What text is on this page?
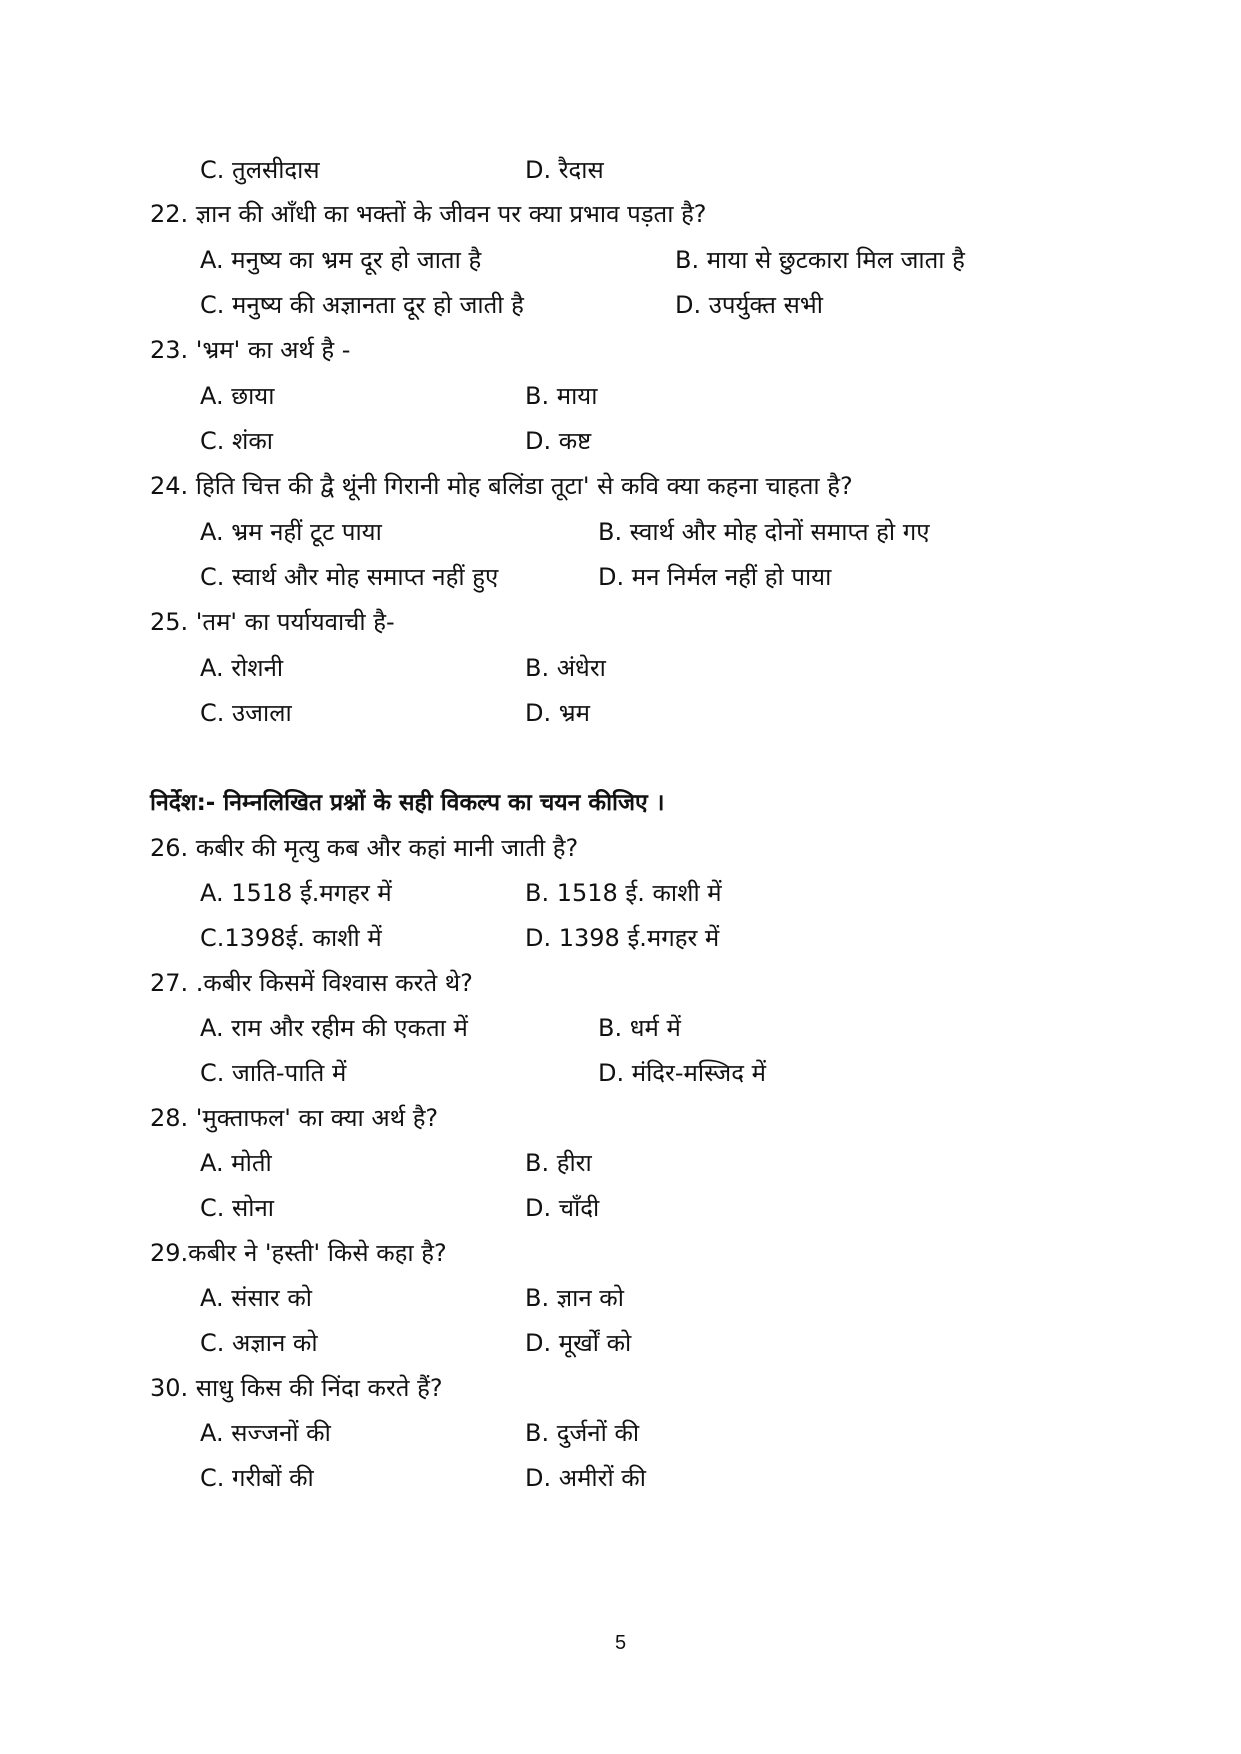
C. तुलसीदास	D. रैदास
22. ज्ञान की आँधी का भक्तों के जीवन पर क्या प्रभाव पड़ता है?
A. मनुष्य का भ्रम दूर हो जाता है	B. माया से छुटकारा मिल जाता है
C. मनुष्य की अज्ञानता दूर हो जाती है	D. उपर्युक्त सभी
23. 'भ्रम' का अर्थ है -
A. छाया	B. माया
C. शंका	D. कष्ट
24. हिति चित्त की द्वै थूंनी गिरानी मोह बलिंडा तूटा' से कवि क्या कहना चाहता है?
A. भ्रम नहीं टूट पाया	B. स्वार्थ और मोह दोनों समाप्त हो गए
C. स्वार्थ और मोह समाप्त नहीं हुए	D. मन निर्मल नहीं हो पाया
25. 'तम' का पर्यायवाची है-
A. रोशनी	B. अंधेरा
C. उजाला	D. भ्रम
निर्देश:- निम्नलिखित प्रश्नों के सही विकल्प का चयन कीजिए ।
26. कबीर की मृत्यु कब और कहां मानी जाती है?
A. 1518 ई.मगहर में	B. 1518 ई. काशी में
C.1398ई. काशी में	D. 1398 ई.मगहर में
27. .कबीर किसमें विश्वास करते थे?
A. राम और रहीम की एकता में	B. धर्म में
C. जाति-पाति में	D. मंदिर-मस्जिद में
28. 'मुक्ताफल' का क्या अर्थ है?
A. मोती	B. हीरा
C. सोना	D. चाँदी
29.कबीर ने 'हस्ती' किसे कहा है?
A. संसार को	B. ज्ञान को
C. अज्ञान को	D. मूर्खों को
30. साधु किस की निंदा करते हैं?
A. सज्जनों की	B. दुर्जनों की
C. गरीबों की	D. अमीरों की
5
